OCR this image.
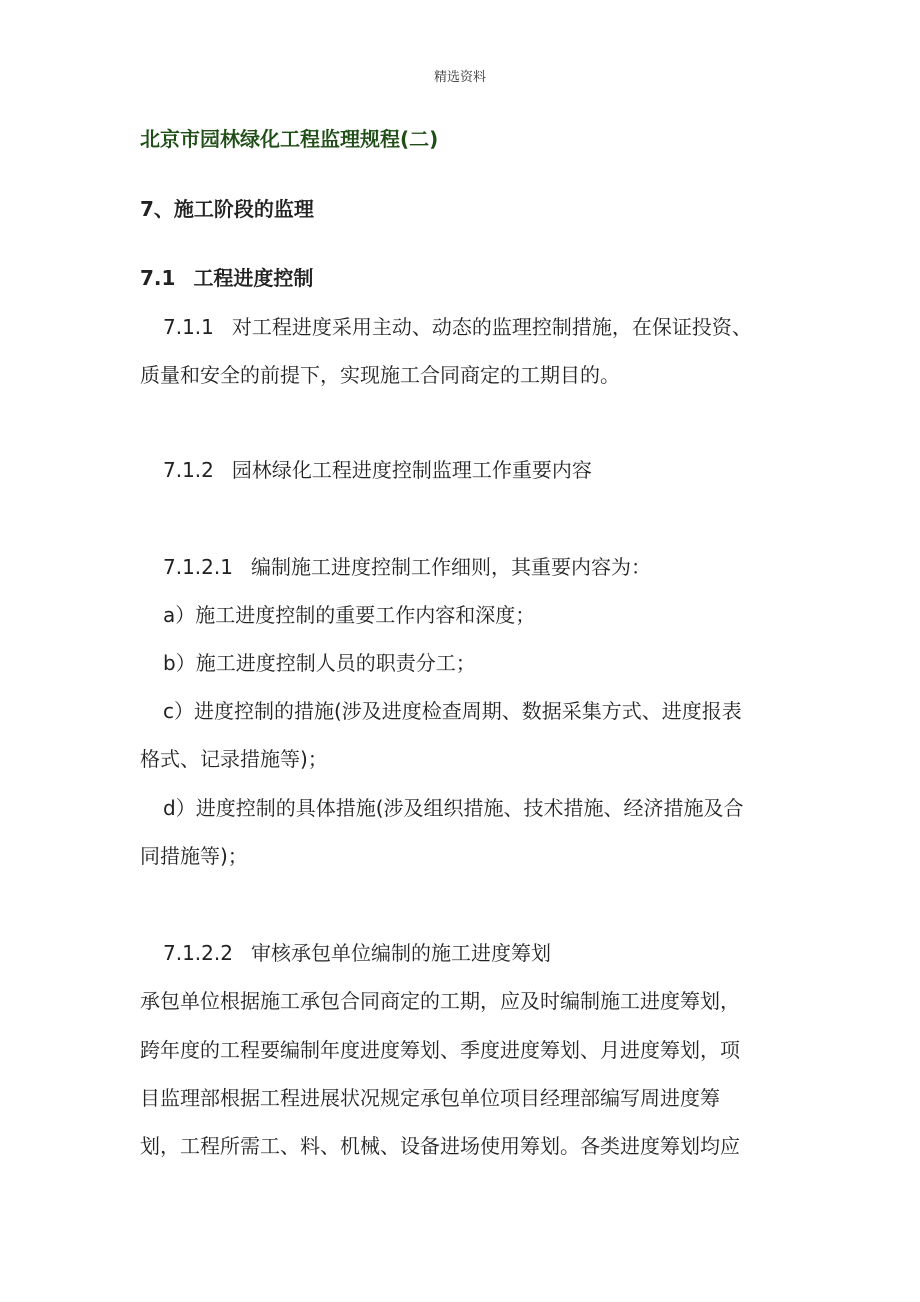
精选资料
北京市园林绿化工程监理规程(二)
7、施工阶段的监理
7.1 工程进度控制
7.1.1 对工程进度采用主动、动态的监理控制措施，在保证投资、
质量和安全的前提下，实现施工合同商定的工期目的。
7.1.2 园林绿化工程进度控制监理工作重要内容
7.1.2.1 编制施工进度控制工作细则，其重要内容为：
a）施工进度控制的重要工作内容和深度；
b）施工进度控制人员的职责分工；
c）进度控制的措施(涉及进度检查周期、数据采集方式、进度报表
格式、记录措施等)；
d）进度控制的具体措施(涉及组织措施、技术措施、经济措施及合
同措施等)；
7.1.2.2 审核承包单位编制的施工进度筹划
承包单位根据施工承包合同商定的工期，应及时编制施工进度筹划，
跨年度的工程要编制年度进度筹划、季度进度筹划、月进度筹划，项
目监理部根据工程进展状况规定承包单位项目经理部编写周进度筹
划，工程所需工、料、机械、设备进场使用筹划。各类进度筹划均应
